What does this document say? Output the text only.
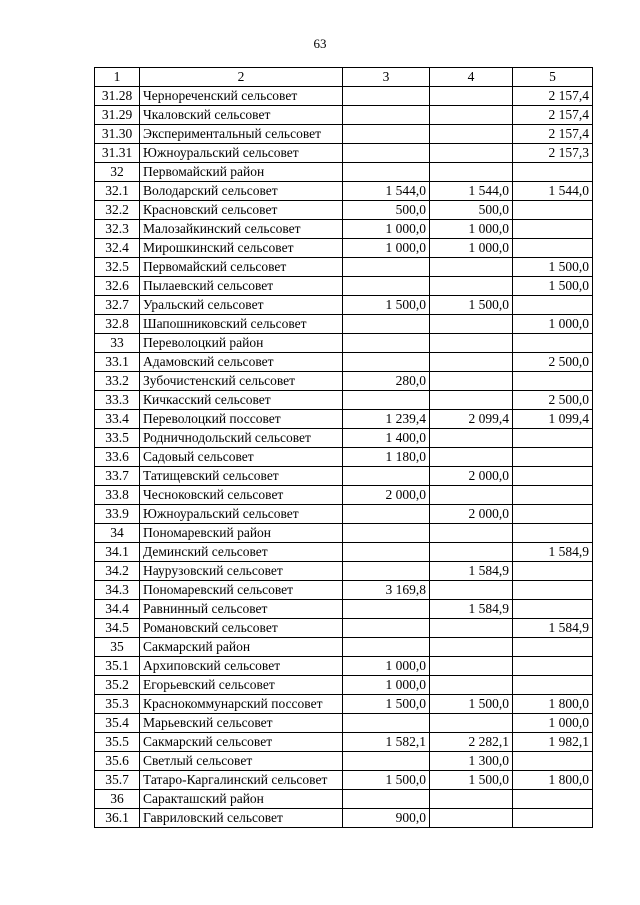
63
1	2	3	4	5
31.28	Чернореченский сельсовет			2 157,4
31.29	Чкаловский сельсовет			2 157,4
31.30	Экспериментальный сельсовет			2 157,4
31.31	Южноуральский сельсовет			2 157,3
32	Первомайский район			
32.1	Володарский сельсовет	1 544,0	1 544,0	1 544,0
32.2	Красновский сельсовет	500,0	500,0	
32.3	Малозайкинский сельсовет	1 000,0	1 000,0	
32.4	Мирошкинский сельсовет	1 000,0	1 000,0	
32.5	Первомайский сельсовет			1 500,0
32.6	Пылаевский сельсовет			1 500,0
32.7	Уральский сельсовет	1 500,0	1 500,0	
32.8	Шапошниковский сельсовет			1 000,0
33	Переволоцкий район			
33.1	Адамовский сельсовет			2 500,0
33.2	Зубочистенский сельсовет	280,0		
33.3	Кичкасский сельсовет			2 500,0
33.4	Переволоцкий поссовет	1 239,4	2 099,4	1 099,4
33.5	Родничнодольский сельсовет	1 400,0		
33.6	Садовый сельсовет	1 180,0		
33.7	Татищевский сельсовет		2 000,0	
33.8	Чесноковский сельсовет	2 000,0		
33.9	Южноуральский сельсовет		2 000,0	
34	Пономаревский район			
34.1	Деминский сельсовет			1 584,9
34.2	Наурузовский сельсовет		1 584,9	
34.3	Пономаревский сельсовет	3 169,8		
34.4	Равнинный сельсовет		1 584,9	
34.5	Романовский сельсовет			1 584,9
35	Сакмарский район			
35.1	Архиповский сельсовет	1 000,0		
35.2	Егорьевский сельсовет	1 000,0		
35.3	Краснокоммунарский поссовет	1 500,0	1 500,0	1 800,0
35.4	Марьевский сельсовет			1 000,0
35.5	Сакмарский сельсовет	1 582,1	2 282,1	1 982,1
35.6	Светлый сельсовет		1 300,0	
35.7	Татаро-Каргалинский сельсовет	1 500,0	1 500,0	1 800,0
36	Саракташский район			
36.1	Гавриловский сельсовет	900,0		
